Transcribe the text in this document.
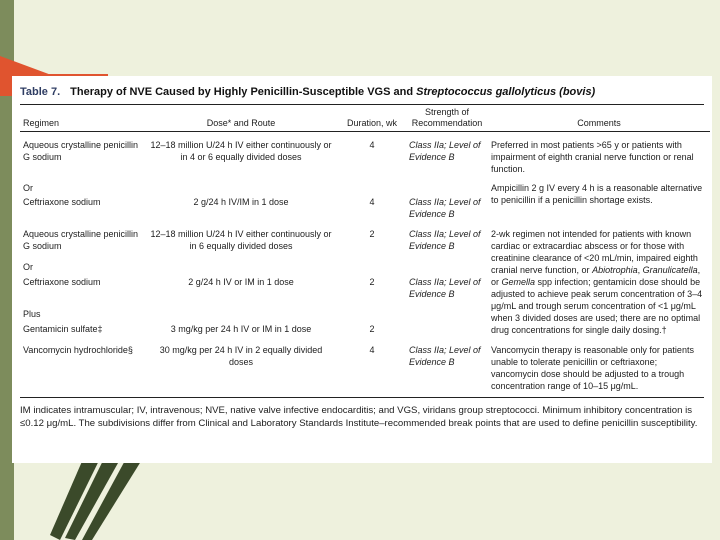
Table 7. Therapy of NVE Caused by Highly Penicillin-Susceptible VGS and Streptococcus gallolyticus (bovis)
Regimen	Dose* and Route	Duration, wk	Strength of Recommendation	Comments

Aqueous crystalline penicillin G sodium	12–18 million U/24 h IV either continuously or in 4 or 6 equally divided doses	4	Class IIa; Level of Evidence B	Preferred in most patients >65 y or patients with impairment of eighth cranial nerve function or renal function.
Or				Ampicillin 2 g IV every 4 h is a reasonable alternative to penicillin if a penicillin shortage exists.
Ceftriaxone sodium	2 g/24 h IV/IM in 1 dose	4	Class IIa; Level of Evidence B	

Aqueous crystalline penicillin G sodium	12–18 million U/24 h IV either continuously or in 6 equally divided doses	2	Class IIa; Level of Evidence B	2-wk regimen not intended for patients with known cardiac or extracardiac abscess or for those with creatinine clearance of <20 mL/min, impaired eighth cranial nerve function, or Abiotrophia, Granulicatella, or Gemella spp infection; gentamicin dose should be adjusted to achieve peak serum concentration of 3–4 μg/mL and trough serum concentration of <1 μg/mL when 3 divided doses are used; there are no optimal drug concentrations for single daily dosing.†
Or				
Ceftriaxone sodium	2 g/24 h IV or IM in 1 dose	2	Class IIa; Level of Evidence B	
Plus				
Gentamicin sulfate‡	3 mg/kg per 24 h IV or IM in 1 dose	2		

Vancomycin hydrochloride§	30 mg/kg per 24 h IV in 2 equally divided doses	4	Class IIa; Level of Evidence B	Vancomycin therapy is reasonable only for patients unable to tolerate penicillin or ceftriaxone; vancomycin dose should be adjusted to a trough concentration range of 10–15 μg/mL.
IM indicates intramuscular; IV, intravenous; NVE, native valve infective endocarditis; and VGS, viridans group streptococci. Minimum inhibitory concentration is ≤0.12 μg/mL. The subdivisions differ from Clinical and Laboratory Standards Institute–recommended break points that are used to define penicillin susceptibility.
